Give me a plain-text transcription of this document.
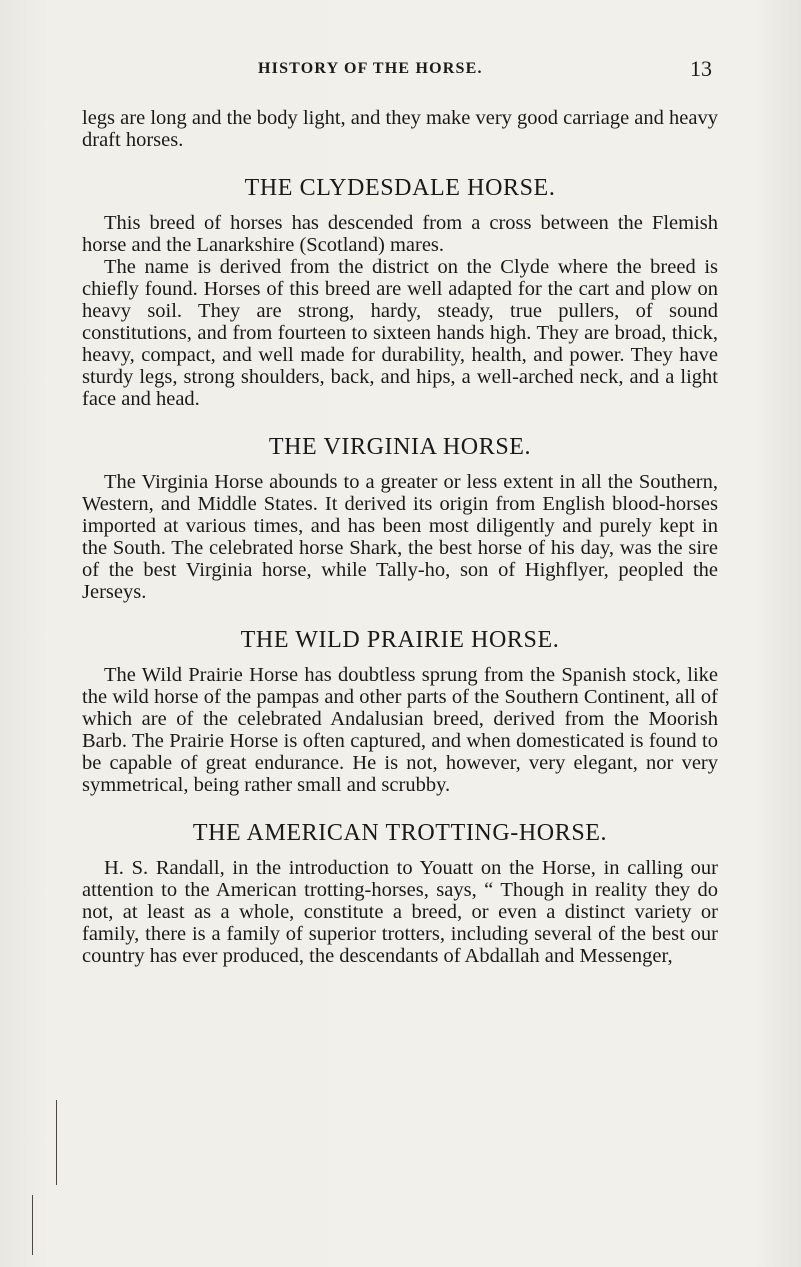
HISTORY OF THE HORSE.	13

legs are long and the body light, and they make very good carriage and heavy draft horses.

THE CLYDESDALE HORSE.

This breed of horses has descended from a cross between the Flemish horse and the Lanarkshire (Scotland) mares.

The name is derived from the district on the Clyde where the breed is chiefly found. Horses of this breed are well adapted for the cart and plow on heavy soil. They are strong, hardy, steady, true pullers, of sound constitutions, and from fourteen to sixteen hands high. They are broad, thick, heavy, compact, and well made for durability, health, and power. They have sturdy legs, strong shoulders, back, and hips, a well-arched neck, and a light face and head.

THE VIRGINIA HORSE.

The Virginia Horse abounds to a greater or less extent in all the Southern, Western, and Middle States. It derived its origin from English blood-horses imported at various times, and has been most diligently and purely kept in the South. The celebrated horse Shark, the best horse of his day, was the sire of the best Virginia horse, while Tally-ho, son of Highflyer, peopled the Jerseys.

THE WILD PRAIRIE HORSE.

The Wild Prairie Horse has doubtless sprung from the Spanish stock, like the wild horse of the pampas and other parts of the Southern Continent, all of which are of the celebrated Andalusian breed, derived from the Moorish Barb. The Prairie Horse is often captured, and when domesticated is found to be capable of great endurance. He is not, however, very elegant, nor very symmetrical, being rather small and scrubby.

THE AMERICAN TROTTING-HORSE.

H. S. Randall, in the introduction to Youatt on the Horse, in calling our attention to the American trotting-horses, says, “ Though in reality they do not, at least as a whole, constitute a breed, or even a distinct variety or family, there is a family of superior trotters, including several of the best our country has ever produced, the descendants of Abdallah and Messenger,
